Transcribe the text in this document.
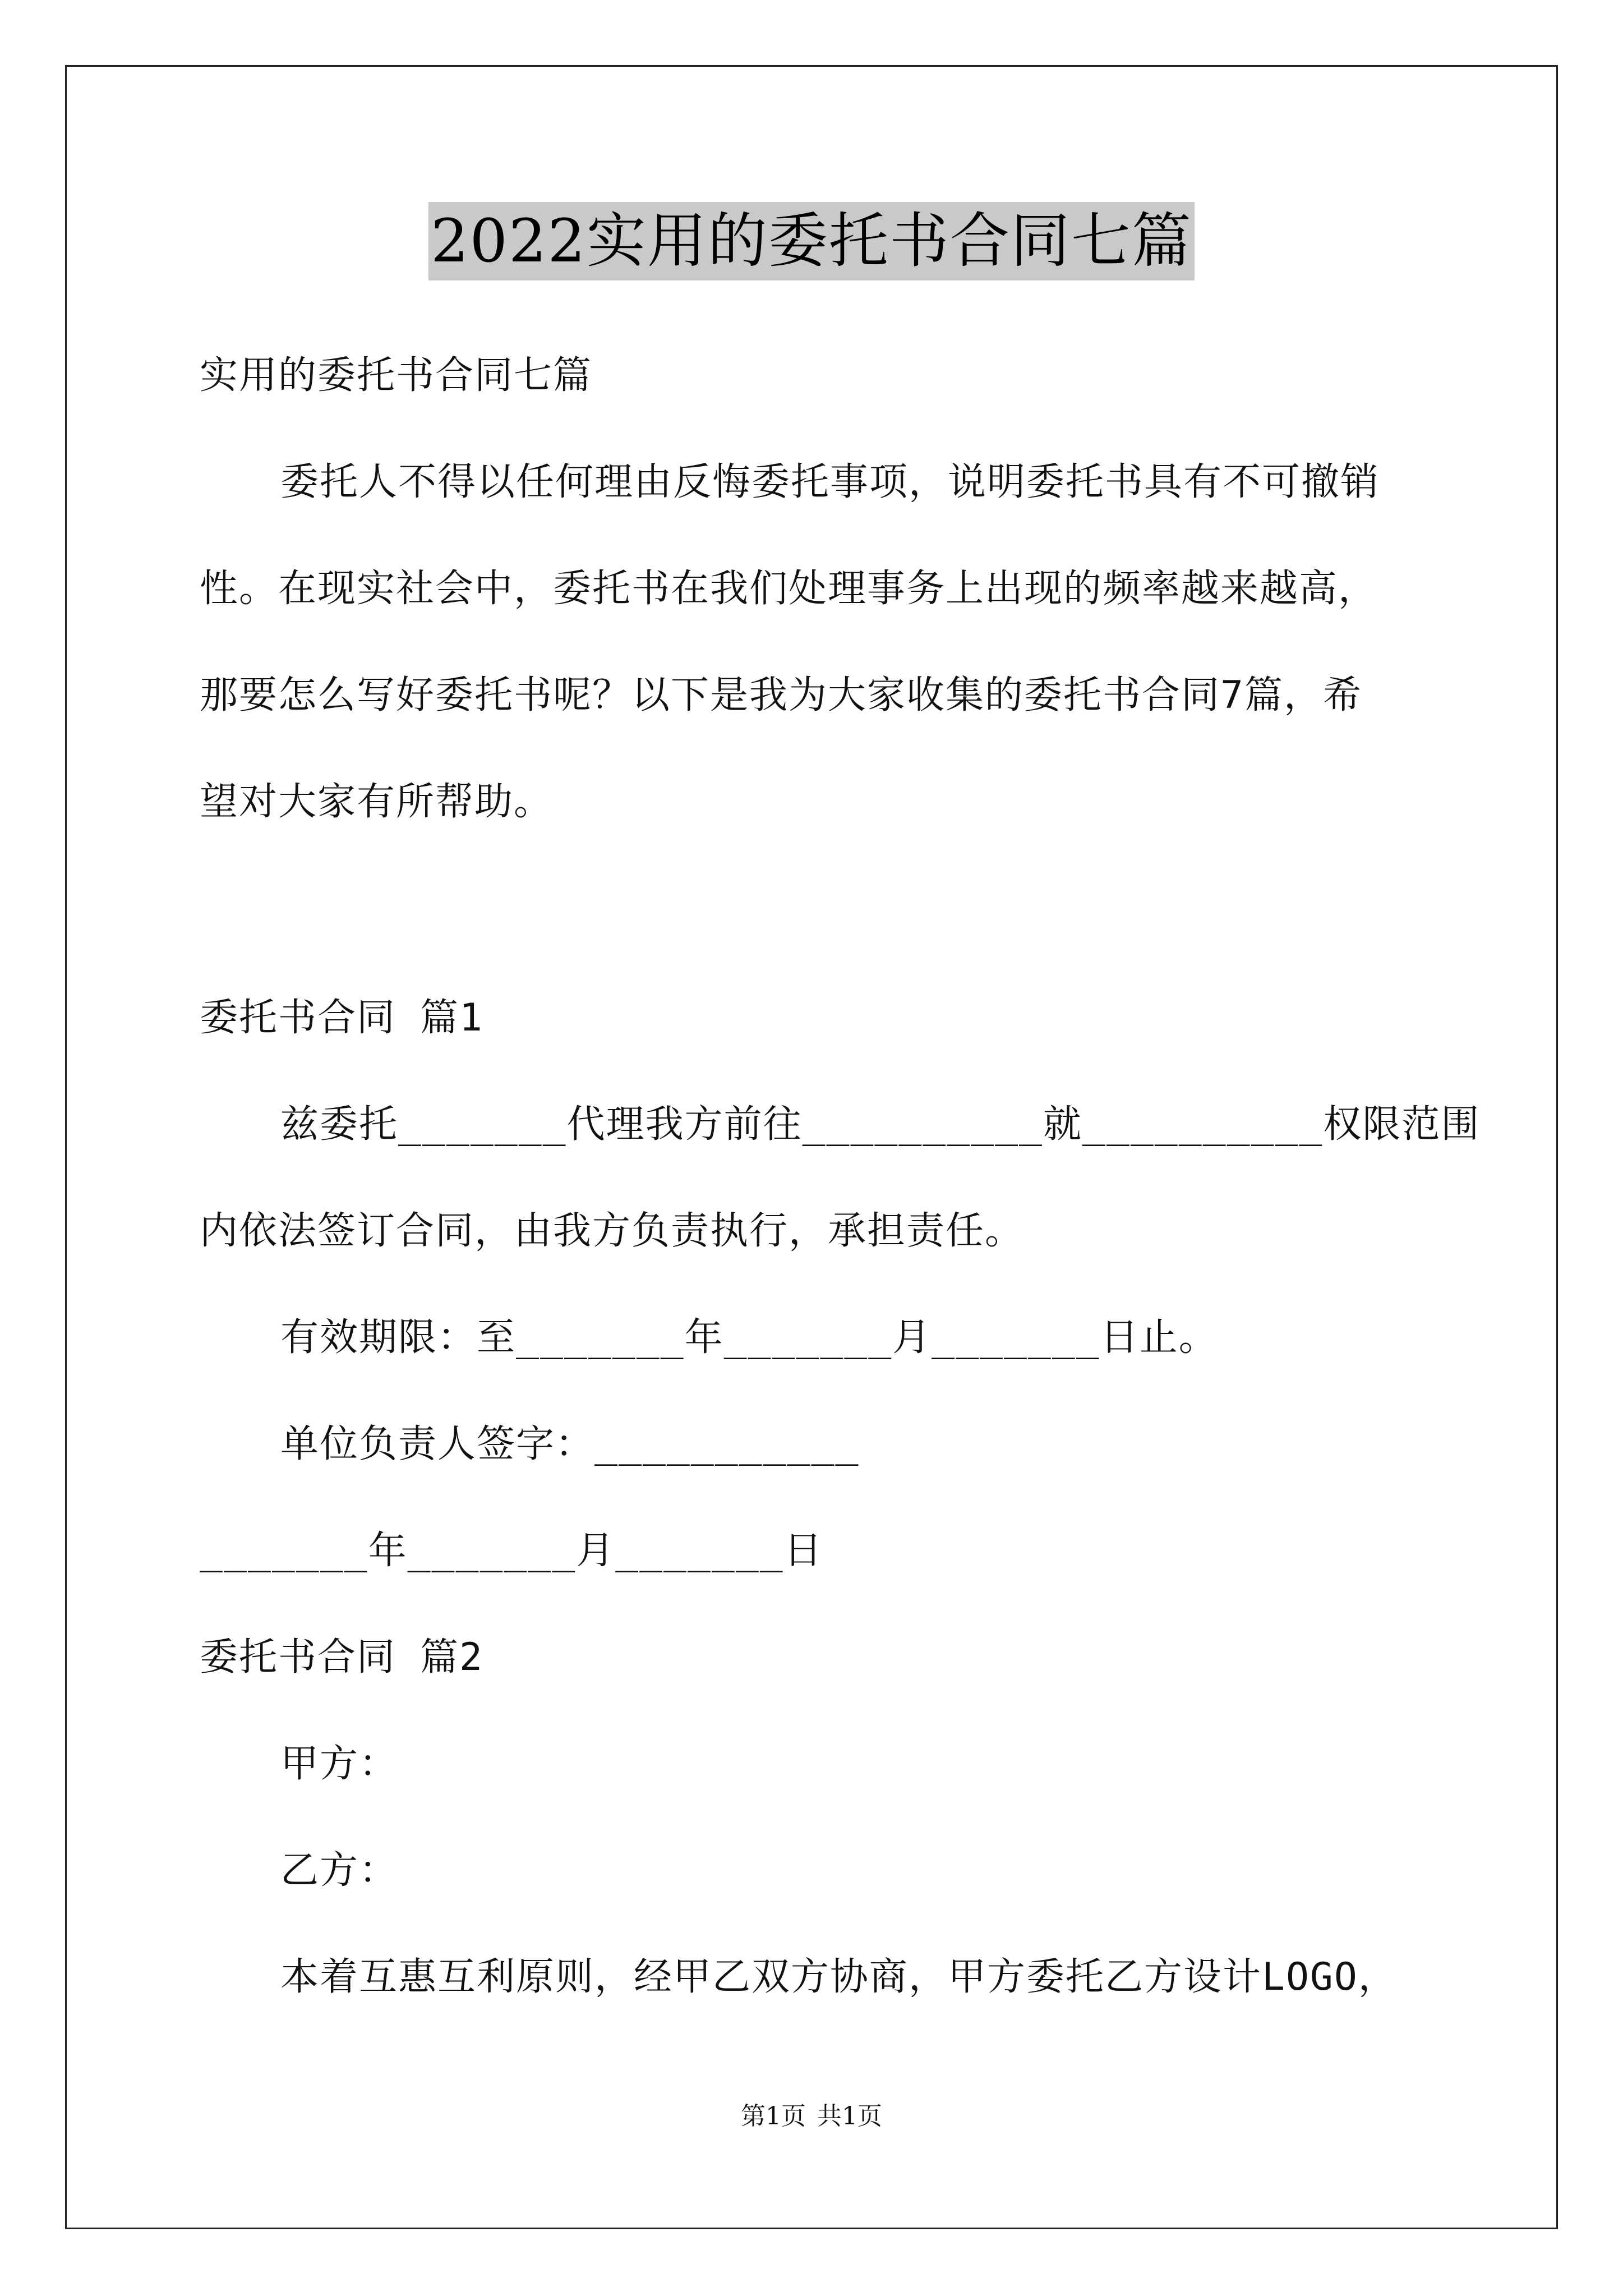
2022实用的委托书合同七篇
实用的委托书合同七篇
委托人不得以任何理由反悔委托事项，说明委托书具有不可撤销
性。在现实社会中，委托书在我们处理事务上出现的频率越来越高，
那要怎么写好委托书呢？以下是我为大家收集的委托书合同7篇，希
望对大家有所帮助。
委托书合同 篇1
兹委托_______代理我方前往__________就__________权限范围
内依法签订合同，由我方负责执行，承担责任。
有效期限：至_______年_______月_______日止。
单位负责人签字：___________
_______年_______月_______日
委托书合同 篇2
甲方：
乙方：
本着互惠互利原则，经甲乙双方协商，甲方委托乙方设计LOGO，
第1页 共1页
